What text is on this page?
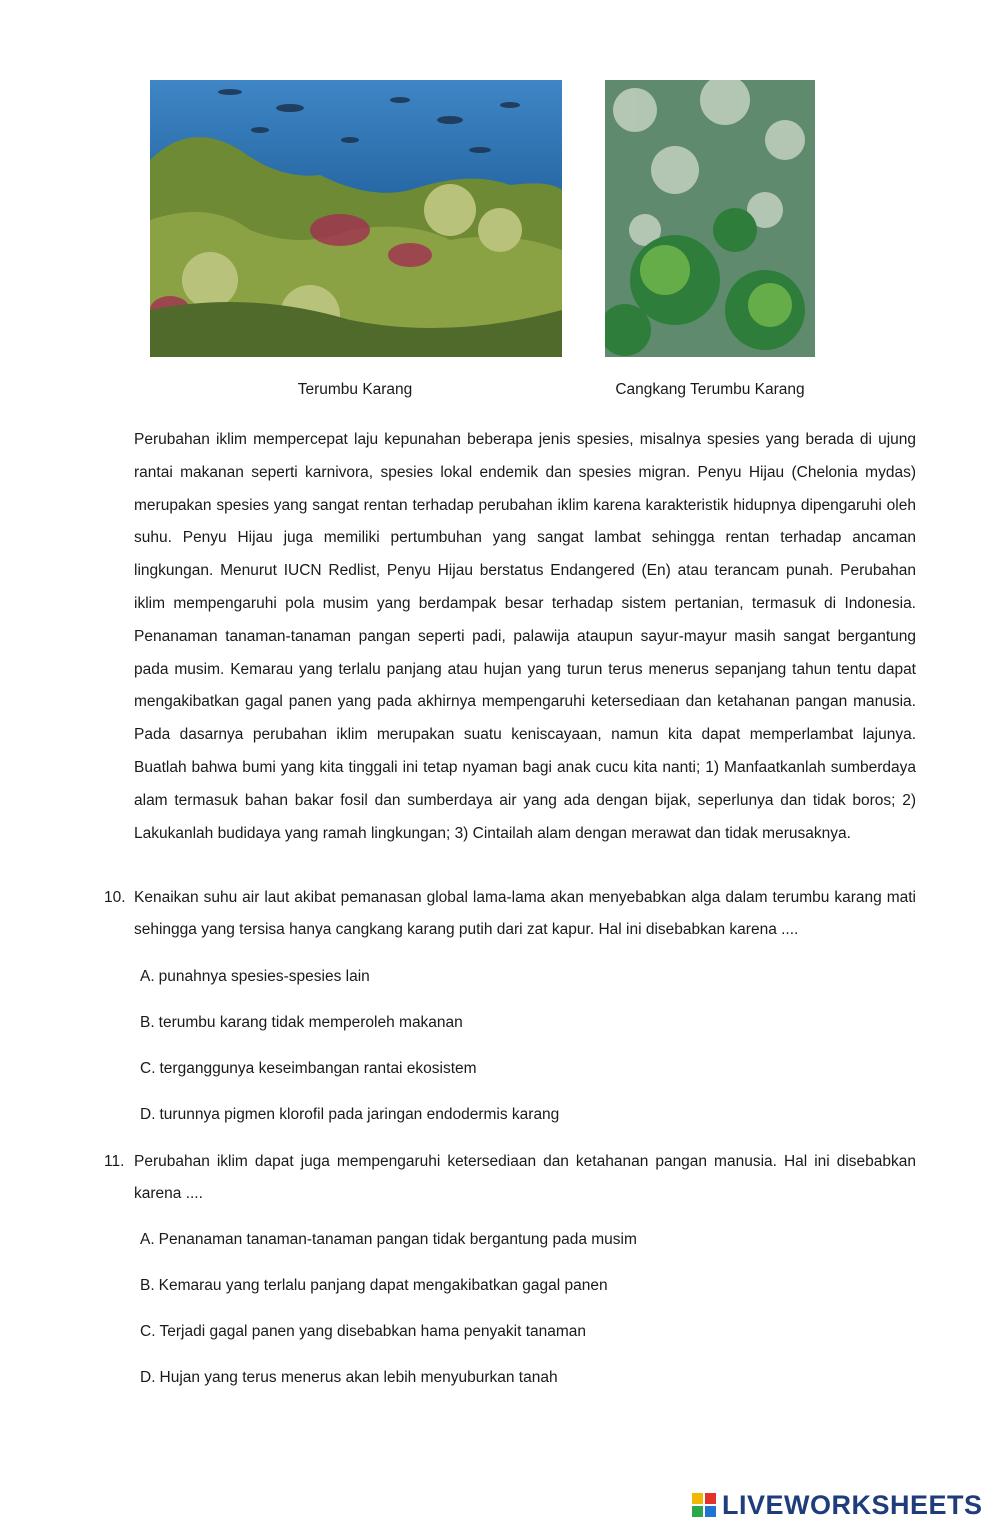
Terumbu Karang	Cangkang Terumbu Karang
Perubahan iklim mempercepat laju kepunahan beberapa jenis spesies, misalnya spesies yang berada di ujung rantai makanan seperti karnivora, spesies lokal endemik dan spesies migran. Penyu Hijau (Chelonia mydas) merupakan spesies yang sangat rentan terhadap perubahan iklim karena karakteristik hidupnya dipengaruhi oleh suhu. Penyu Hijau juga memiliki pertumbuhan yang sangat lambat sehingga rentan terhadap ancaman lingkungan. Menurut IUCN Redlist, Penyu Hijau berstatus Endangered (En) atau terancam punah. Perubahan iklim mempengaruhi pola musim yang berdampak besar terhadap sistem pertanian, termasuk di Indonesia. Penanaman tanaman-tanaman pangan seperti padi, palawija ataupun sayur-mayur masih sangat bergantung pada musim. Kemarau yang terlalu panjang atau hujan yang turun terus menerus sepanjang tahun tentu dapat mengakibatkan gagal panen yang pada akhirnya mempengaruhi ketersediaan dan ketahanan pangan manusia. Pada dasarnya perubahan iklim merupakan suatu keniscayaan, namun kita dapat memperlambat lajunya. Buatlah bahwa bumi yang kita tinggali ini tetap nyaman bagi anak cucu kita nanti; 1) Manfaatkanlah sumberdaya alam termasuk bahan bakar fosil dan sumberdaya air yang ada dengan bijak, seperlunya dan tidak boros; 2) Lakukanlah budidaya yang ramah lingkungan; 3) Cintailah alam dengan merawat dan tidak merusaknya.
10. Kenaikan suhu air laut akibat pemanasan global lama-lama akan menyebabkan alga dalam terumbu karang mati sehingga yang tersisa hanya cangkang karang putih dari zat kapur. Hal ini disebabkan karena ....
A. punahnya spesies-spesies lain
B. terumbu karang tidak memperoleh makanan
C. terganggunya keseimbangan rantai ekosistem
D. turunnya pigmen klorofil pada jaringan endodermis karang
11. Perubahan iklim dapat juga mempengaruhi ketersediaan dan ketahanan pangan manusia. Hal ini disebabkan karena ....
A. Penanaman tanaman-tanaman pangan tidak bergantung pada musim
B. Kemarau yang terlalu panjang dapat mengakibatkan gagal panen
C. Terjadi gagal panen yang disebabkan hama penyakit tanaman
D. Hujan yang terus menerus akan lebih menyuburkan tanah
LIVEWORKSHEETS
